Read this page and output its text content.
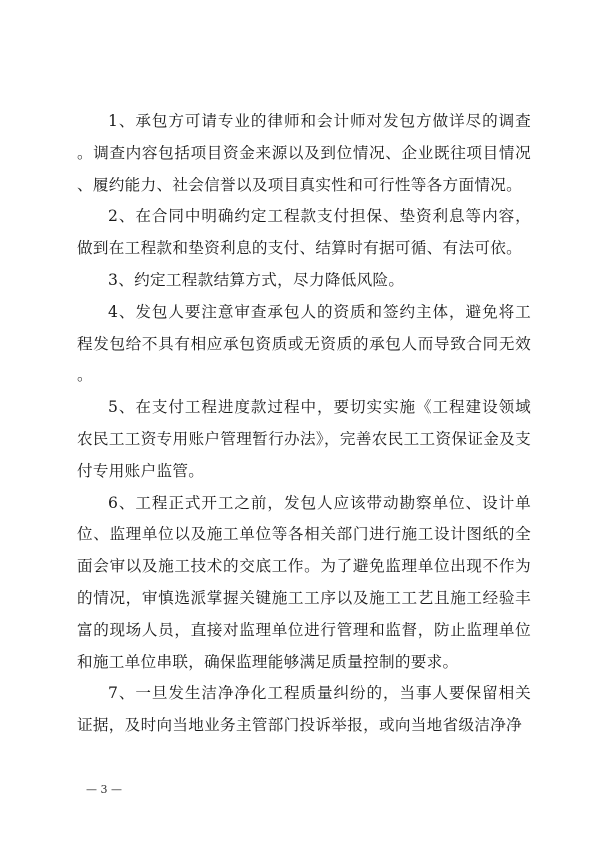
1、承包方可请专业的律师和会计师对发包方做详尽的调查。调查内容包括项目资金来源以及到位情况、企业既往项目情况、履约能力、社会信誉以及项目真实性和可行性等各方面情况。

2、在合同中明确约定工程款支付担保、垫资利息等内容，做到在工程款和垫资利息的支付、结算时有据可循、有法可依。

3、约定工程款结算方式，尽力降低风险。

4、发包人要注意审查承包人的资质和签约主体，避免将工程发包给不具有相应承包资质或无资质的承包人而导致合同无效。

5、在支付工程进度款过程中，要切实实施《工程建设领域农民工工资专用账户管理暂行办法》，完善农民工工资保证金及支付专用账户监管。

6、工程正式开工之前，发包人应该带动勘察单位、设计单位、监理单位以及施工单位等各相关部门进行施工设计图纸的全面会审以及施工技术的交底工作。为了避免监理单位出现不作为的情况，审慎选派掌握关键施工工序以及施工工艺且施工经验丰富的现场人员，直接对监理单位进行管理和监督，防止监理单位和施工单位串联，确保监理能够满足质量控制的要求。

7、一旦发生洁净净化工程质量纠纷的，当事人要保留相关证据，及时向当地业务主管部门投诉举报，或向当地省级洁净净

— 3 —
